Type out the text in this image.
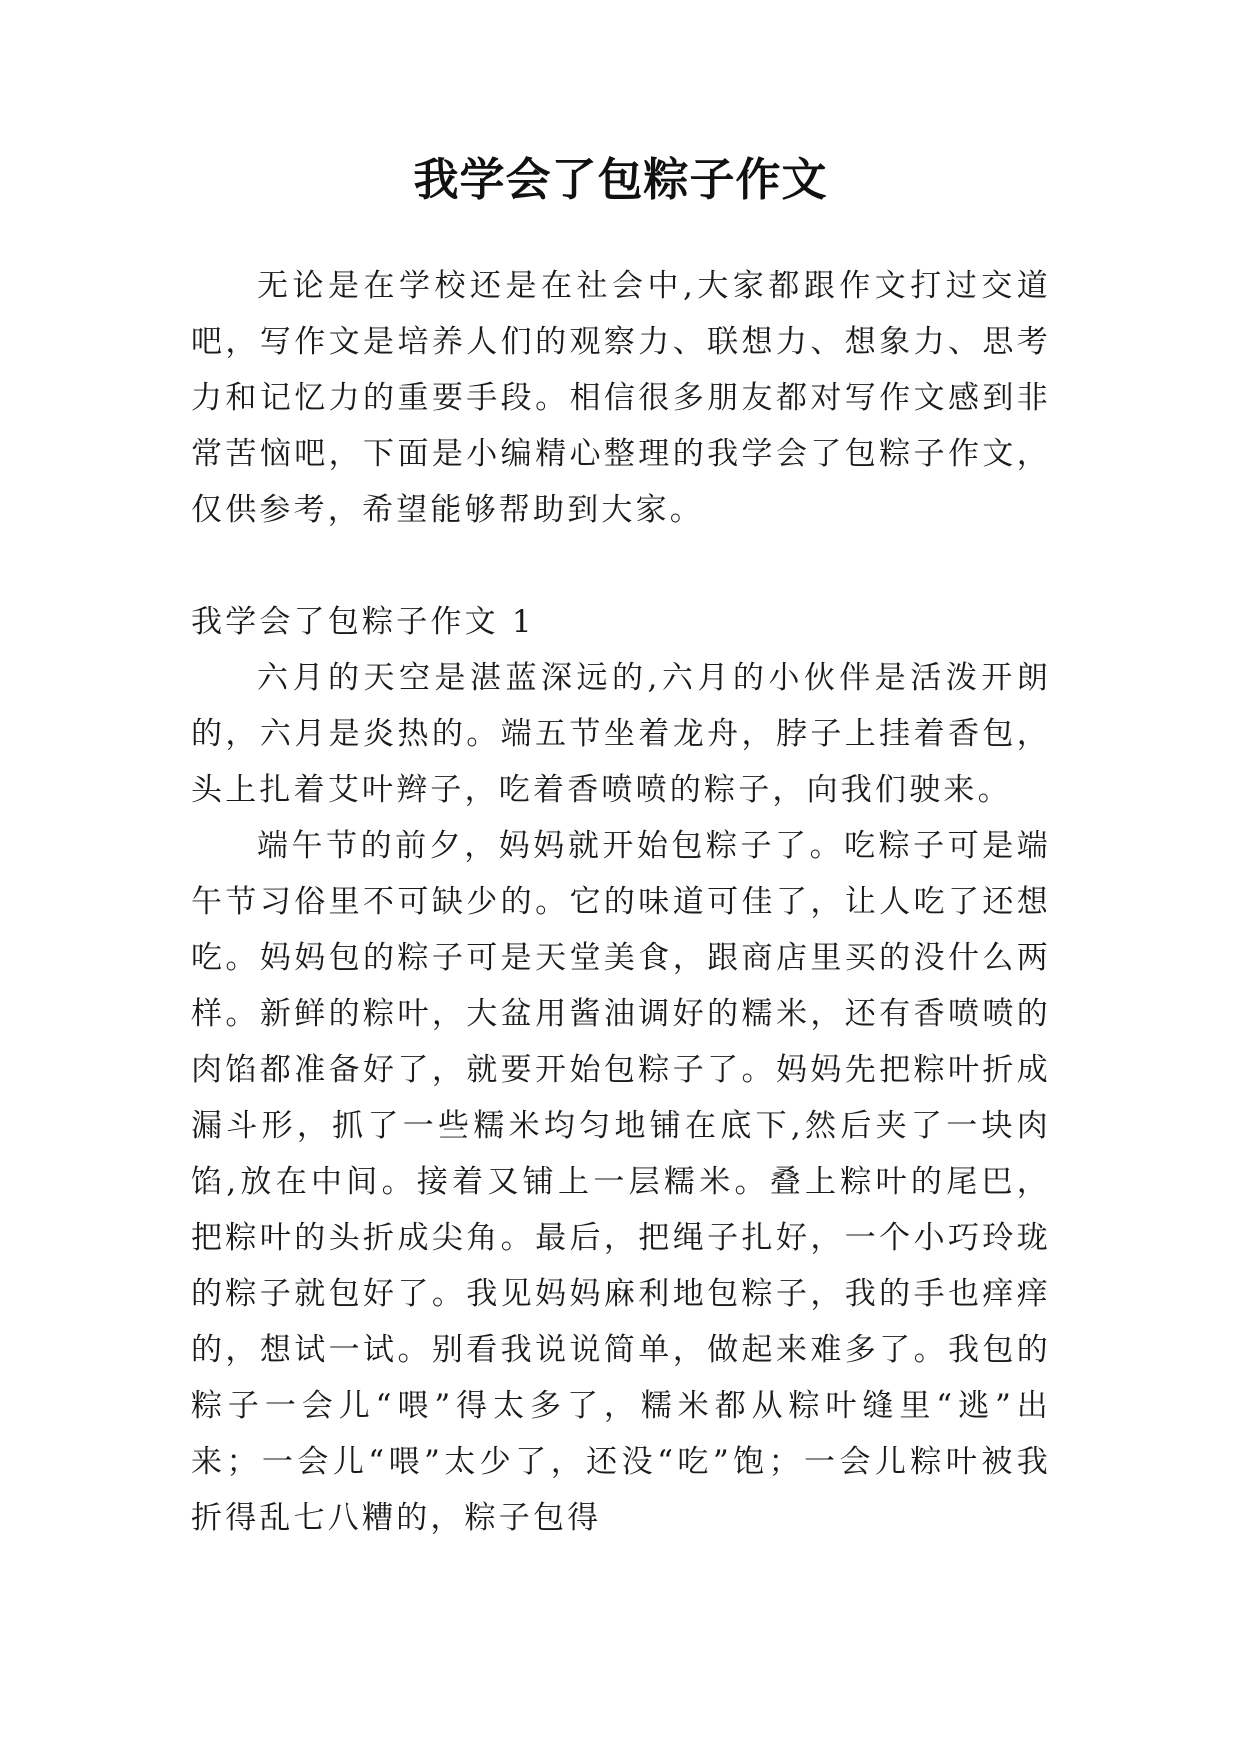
我学会了包粽子作文

无论是在学校还是在社会中,大家都跟作文打过交道吧，写作文是培养人们的观察力、联想力、想象力、思考力和记忆力的重要手段。相信很多朋友都对写作文感到非常苦恼吧，下面是小编精心整理的我学会了包粽子作文，仅供参考，希望能够帮助到大家。

我学会了包粽子作文 1

六月的天空是湛蓝深远的,六月的小伙伴是活泼开朗的，六月是炎热的。端五节坐着龙舟，脖子上挂着香包，头上扎着艾叶辫子，吃着香喷喷的粽子，向我们驶来。

端午节的前夕，妈妈就开始包粽子了。吃粽子可是端午节习俗里不可缺少的。它的味道可佳了，让人吃了还想吃。妈妈包的粽子可是天堂美食，跟商店里买的没什么两样。新鲜的粽叶，大盆用酱油调好的糯米，还有香喷喷的肉馅都准备好了，就要开始包粽子了。妈妈先把粽叶折成漏斗形，抓了一些糯米均匀地铺在底下,然后夹了一块肉馅,放在中间。接着又铺上一层糯米。叠上粽叶的尾巴，把粽叶的头折成尖角。最后，把绳子扎好，一个小巧玲珑的粽子就包好了。我见妈妈麻利地包粽子，我的手也痒痒的，想试一试。别看我说说简单，做起来难多了。我包的粽子一会儿“喂”得太多了，糯米都从粽叶缝里“逃”出来；一会儿“喂”太少了，还没“吃”饱；一会儿粽叶被我折得乱七八糟的，粽子包得
